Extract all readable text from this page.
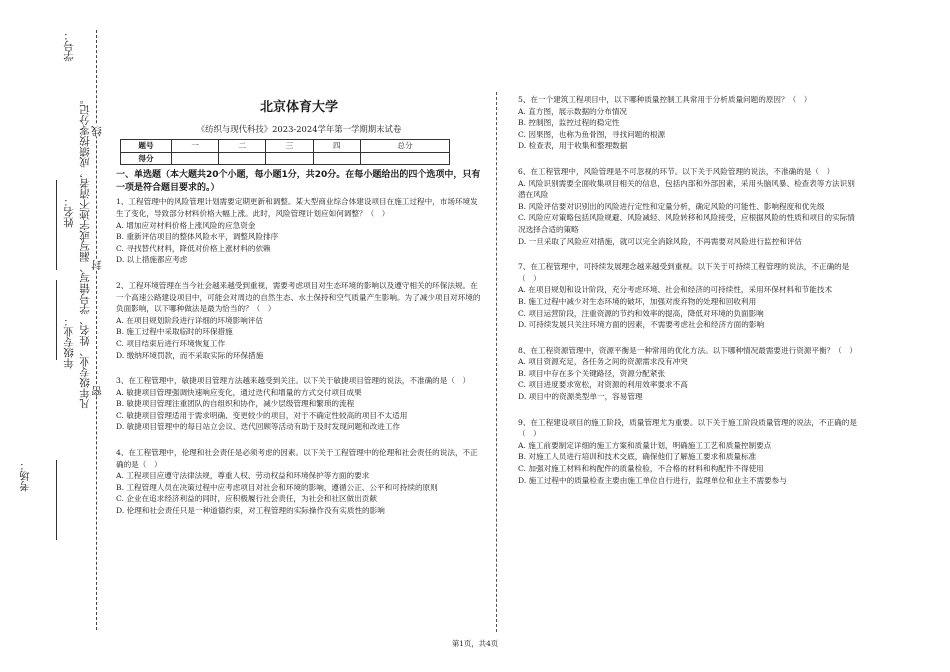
学号：
姓名：
年级专业：
考场：
凡年级专业、姓名、学号错写、漏写或字迹不清者，成绩按零分记。 密
封
线
北京体育大学
《纺织与现代科技》2023-2024学年第一学期期末试卷
题号	一	二	三	四	总分
得分					
一、单选题（本大题共20个小题，每小题1分，共20分。在每小题给出的四个选项中，只有一项是符合题目要求的。）

1、工程管理中的风险管理计划需要定期更新和调整。某大型商业综合体建设项目在施工过程中，市场环境发生了变化，导致部分材料价格大幅上涨。此时，风险管理计划应如何调整？（　）

A. 增加应对材料价格上涨风险的应急资金

B. 重新评估项目的整体风险水平，调整风险排序

C. 寻找替代材料，降低对价格上涨材料的依赖

D. 以上措施都应考虑

2、工程环境管理在当今社会越来越受到重视，需要考虑项目对生态环境的影响以及遵守相关的环保法规。在一个高速公路建设项目中，可能会对周边的自然生态、水土保持和空气质量产生影响。为了减少项目对环境的负面影响，以下哪种做法是最为恰当的？（　）

A. 在项目规划阶段进行详细的环境影响评估

B. 施工过程中采取临时的环保措施

C. 项目结束后进行环境恢复工作

D. 缴纳环境罚款，而不采取实际的环保措施

3、在工程管理中，敏捷项目管理方法越来越受到关注。以下关于敏捷项目管理的说法，不准确的是（　）

A. 敏捷项目管理强调快速响应变化，通过迭代和增量的方式交付项目成果

B. 敏捷项目管理注重团队的自组织和协作，减少层级管理和繁琐的流程

C. 敏捷项目管理适用于需求明确、变更较少的项目，对于不确定性较高的项目不太适用

D. 敏捷项目管理中的每日站立会议、迭代回顾等活动有助于及时发现问题和改进工作

4、在工程管理中，伦理和社会责任是必须考虑的因素。以下关于工程管理中的伦理和社会责任的说法，不正确的是（　）

A. 工程项目应遵守法律法规，尊重人权、劳动权益和环境保护等方面的要求

B. 工程管理人员在决策过程中应考虑项目对社会和环境的影响，遵循公正、公平和可持续的原则

C. 企业在追求经济利益的同时，应积极履行社会责任，为社会和社区做出贡献

D. 伦理和社会责任只是一种道德约束，对工程管理的实际操作没有实质性的影响

5、在一个建筑工程项目中，以下哪种质量控制工具常用于分析质量问题的原因？（　）

A. 直方图，展示数据的分布情况

B. 控制图，监控过程的稳定性

C. 因果图，也称为鱼骨图，寻找问题的根源

D. 检查表，用于收集和整理数据

6、在工程管理中，风险管理是不可忽视的环节。以下关于风险管理的说法，不准确的是（　）

A. 风险识别需要全面收集项目相关的信息，包括内部和外部因素，采用头脑风暴、检查表等方法识别潜在风险

B. 风险评估要对识别出的风险进行定性和定量分析，确定风险的可能性、影响程度和优先级

C. 风险应对策略包括风险规避、风险减轻、风险转移和风险接受，应根据风险的性质和项目的实际情况选择合适的策略

D. 一旦采取了风险应对措施，就可以完全消除风险，不再需要对风险进行监控和评估

7、在工程管理中，可持续发展理念越来越受到重视。以下关于可持续工程管理的说法，不正确的是（　）

A. 在项目规划和设计阶段，充分考虑环境、社会和经济的可持续性，采用环保材料和节能技术

B. 施工过程中减少对生态环境的破坏，加强对废弃物的处理和回收利用

C. 项目运营阶段，注重资源的节约和效率的提高，降低对环境的负面影响

D. 可持续发展只关注环境方面的因素，不需要考虑社会和经济方面的影响

8、在工程资源管理中，资源平衡是一种常用的优化方法。以下哪种情况最需要进行资源平衡？（　）

A. 项目资源充足，各任务之间的资源需求没有冲突

B. 项目中存在多个关键路径，资源分配紧张

C. 项目进度要求宽松，对资源的利用效率要求不高

D. 项目中的资源类型单一，容易管理

9、在工程建设项目的施工阶段，质量管理尤为重要。以下关于施工阶段质量管理的说法，不正确的是（　）

A. 施工前要制定详细的施工方案和质量计划，明确施工工艺和质量控制要点

B. 对施工人员进行培训和技术交底，确保他们了解施工要求和质量标准

C. 加强对施工材料和构配件的质量检验，不合格的材料和构配件不得使用

D. 施工过程中的质量检查主要由施工单位自行进行，监理单位和业主不需要参与

第1页，共4页
